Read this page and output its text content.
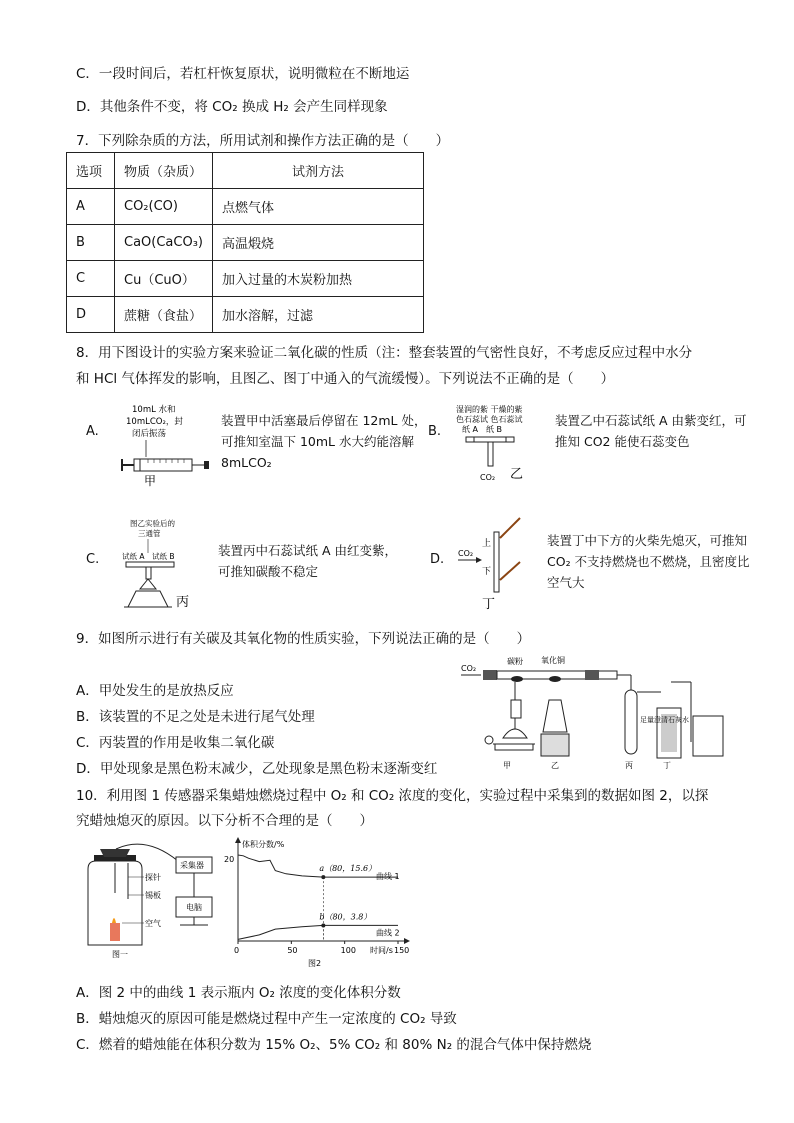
C．一段时间后，若杠杆恢复原状，说明微粒在不断地运
D．其他条件不变，将 CO₂ 换成 H₂ 会产生同样现象
7．下列除杂质的方法，所用试剂和操作方法正确的是（　　）
选项	物质（杂质）	试剂方法
A	CO₂(CO)	点燃气体
B	CaO(CaCO₃)	高温煅烧
C	Cu（CuO）	加入过量的木炭粉加热
D	蔗糖（食盐）	加水溶解，过滤
8．用下图设计的实验方案来验证二氧化碳的性质（注：整套装置的气密性良好，不考虑反应过程中水分
和 HCl 气体挥发的影响，且图乙、图丁中通入的气流缓慢）。下列说法不正确的是（　　）
A.
10mL 水和
10mLCO₂，封
闭后振荡
甲
装置甲中活塞最后停留在 12mL 处，可推知室温下 10mL 水大约能溶解 8mLCO₂
B.
湿润的紫 干燥的紫
色石蕊试 色石蕊试
纸 A　纸 B
CO₂ 乙
装置乙中石蕊试纸 A 由紫变红，可推知 CO2 能使石蕊变色
C.
图乙实验后的
三通管
试纸 A　试纸 B
丙
装置丙中石蕊试纸 A 由红变紫，可推知碳酸不稳定
D. CO₂
上
下
丁
装置丁中下方的火柴先熄灭，可推知 CO₂ 不支持燃烧也不燃烧，且密度比空气大
9．如图所示进行有关碳及其氧化物的性质实验，下列说法正确的是（　　）
A．甲处发生的是放热反应
B．该装置的不足之处是未进行尾气处理
C．丙装置的作用是收集二氧化碳
D．甲处现象是黑色粉末减少，乙处现象是黑色粉末逐渐变红
CO₂
碳粉 氧化铜
甲	乙	丙
足量澄清石灰水
丁
10．利用图 1 传感器采集蜡烛燃烧过程中 O₂ 和 CO₂ 浓度的变化，实验过程中采集到的数据如图 2，以探
究蜡烛熄灭的原因。以下分析不合理的是（　　）
探针
锡板
空气
采集器
电脑
图一	0	50	100	150
20
体积分数/%
时间/s
图2
曲线 1
曲线 2
a（80，15.6）
b（80，3.8）
A．图 2 中的曲线 1 表示瓶内 O₂ 浓度的变化体积分数
B．蜡烛熄灭的原因可能是燃烧过程中产生一定浓度的 CO₂ 导致
C．燃着的蜡烛能在体积分数为 15% O₂、5% CO₂ 和 80% N₂ 的混合气体中保持燃烧
